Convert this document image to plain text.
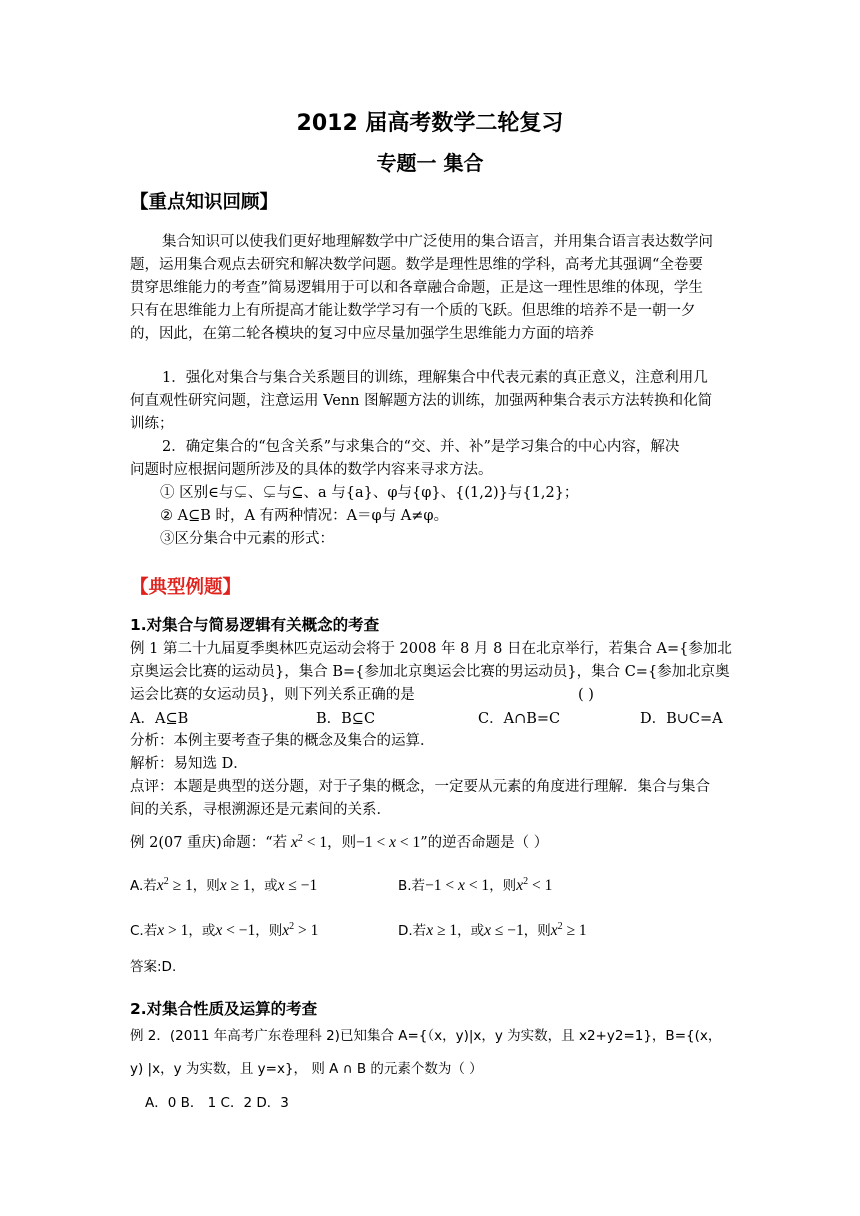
2012 届高考数学二轮复习
专题一 集合
【重点知识回顾】
集合知识可以使我们更好地理解数学中广泛使用的集合语言，并用集合语言表达数学问
题，运用集合观点去研究和解决数学问题。数学是理性思维的学科，高考尤其强调“全卷要
贯穿思维能力的考查”简易逻辑用于可以和各章融合命题，正是这一理性思维的体现，学生
只有在思维能力上有所提高才能让数学学习有一个质的飞跃。但思维的培养不是一朝一夕
的，因此，在第二轮各模块的复习中应尽量加强学生思维能力方面的培养
1．强化对集合与集合关系题目的训练，理解集合中代表元素的真正意义，注意利用几
何直观性研究问题，注意运用 Venn 图解题方法的训练，加强两种集合表示方法转换和化简
训练；
2．确定集合的“包含关系”与求集合的“交、并、补”是学习集合的中心内容，解决
问题时应根据问题所涉及的具体的数学内容来寻求方法。
① 区别∈与⊊、⊊与⊆、a 与{a}、φ与{φ}、{(1,2)}与{1,2}；
② A⊆B 时，A 有两种情况：A＝φ与 A≠φ。
③区分集合中元素的形式：
【典型例题】
1.对集合与简易逻辑有关概念的考查
例 1 第二十九届夏季奥林匹克运动会将于 2008 年 8 月 8 日在北京举行，若集合 A={参加北
京奥运会比赛的运动员}，集合 B={参加北京奥运会比赛的男运动员}，集合 C={参加北京奥
运会比赛的女运动员}，则下列关系正确的是	( )
A．A⊆B	B．B⊆C	C．A∩B=C	D．B∪C=A
分析：本例主要考查子集的概念及集合的运算．
解析：易知选 D．
点评：本题是典型的送分题，对于子集的概念，一定要从元素的角度进行理解．集合与集合
间的关系，寻根溯源还是元素间的关系．
例 2(07 重庆)命题：“若 $x^2 < 1$，则−1 < x < 1”的逆否命题是（ ）
A.若$x^2 \ge 1$，则x ≥ 1，或x ≤ −1	B.若−1 < x < 1，则$x^2 < 1$
C.若x > 1，或x < −1，则$x^2 > 1$	D.若x ≥ 1，或x ≤ −1，则$x^2 \ge 1$
答案:D.
2.对集合性质及运算的考查
例 2．(2011 年高考广东卷理科 2)已知集合 A={（x，y)|x，y 为实数，且 x2+y2=1}，B={(x，
y) |x，y 为实数，且 y=x}， 则 A ∩ B 的元素个数为（ ）
A．0 B． 1 C．2 D．3
